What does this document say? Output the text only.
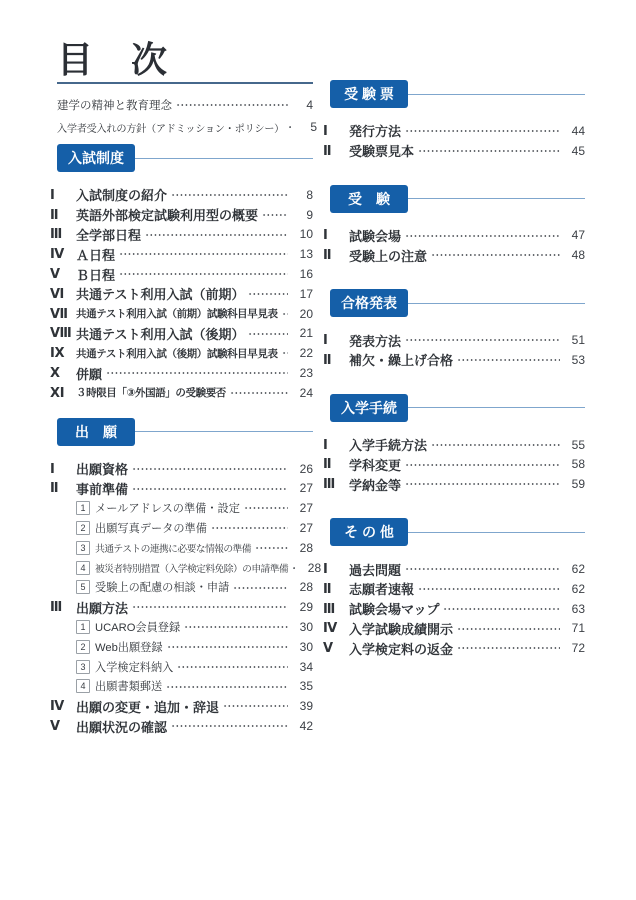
目　次
建学の精神と教育理念	4
入学者受入れの方針（アドミッション・ポリシー）	5
入試制度
Ⅰ	入試制度の紹介	8
Ⅱ	英語外部検定試験利用型の概要	9
Ⅲ	全学部日程	10
Ⅳ Ａ日程	13
Ⅴ	Ｂ日程	16
Ⅵ 共通テスト利用入試（前期）	17
Ⅶ 共通テスト利用入試（前期）試験科目早見表	20
Ⅷ 共通テスト利用入試（後期）	21
Ⅸ	共通テスト利用入試（後期）試験科目早見表	22
Ⅹ	併願	23
Ⅺ	３時限目「③外国語」の受験要否	24
出　願
Ⅰ	出願資格	26
Ⅱ	事前準備	27
1 メールアドレスの準備・設定	27
2 出願写真データの準備	27
3 共通テストの連携に必要な情報の準備	28
4 被災者特別措置（入学検定料免除）の申請準備	28
5 受験上の配慮の相談・申請	28
Ⅲ	出願方法	29
1 UCARO会員登録	30
2 Web出願登録	30
3 入学検定料納入	34
4 出願書類郵送	35
Ⅳ 出願の変更・追加・辞退	39
Ⅴ	出願状況の確認	42
受 験 票
Ⅰ	発行方法	44
Ⅱ	受験票見本	45
受　験
Ⅰ	試験会場	47
Ⅱ	受験上の注意	48
合格発表
Ⅰ	発表方法	51
Ⅱ	補欠・繰上げ合格	53
入学手続
Ⅰ	入学手続方法	55
Ⅱ	学科変更	58
Ⅲ	学納金等	59
そ の 他
Ⅰ	過去問題	62
Ⅱ	志願者速報	62
Ⅲ	試験会場マップ	63
Ⅳ 入学試験成績開示	71
Ⅴ	入学検定料の返金	72
